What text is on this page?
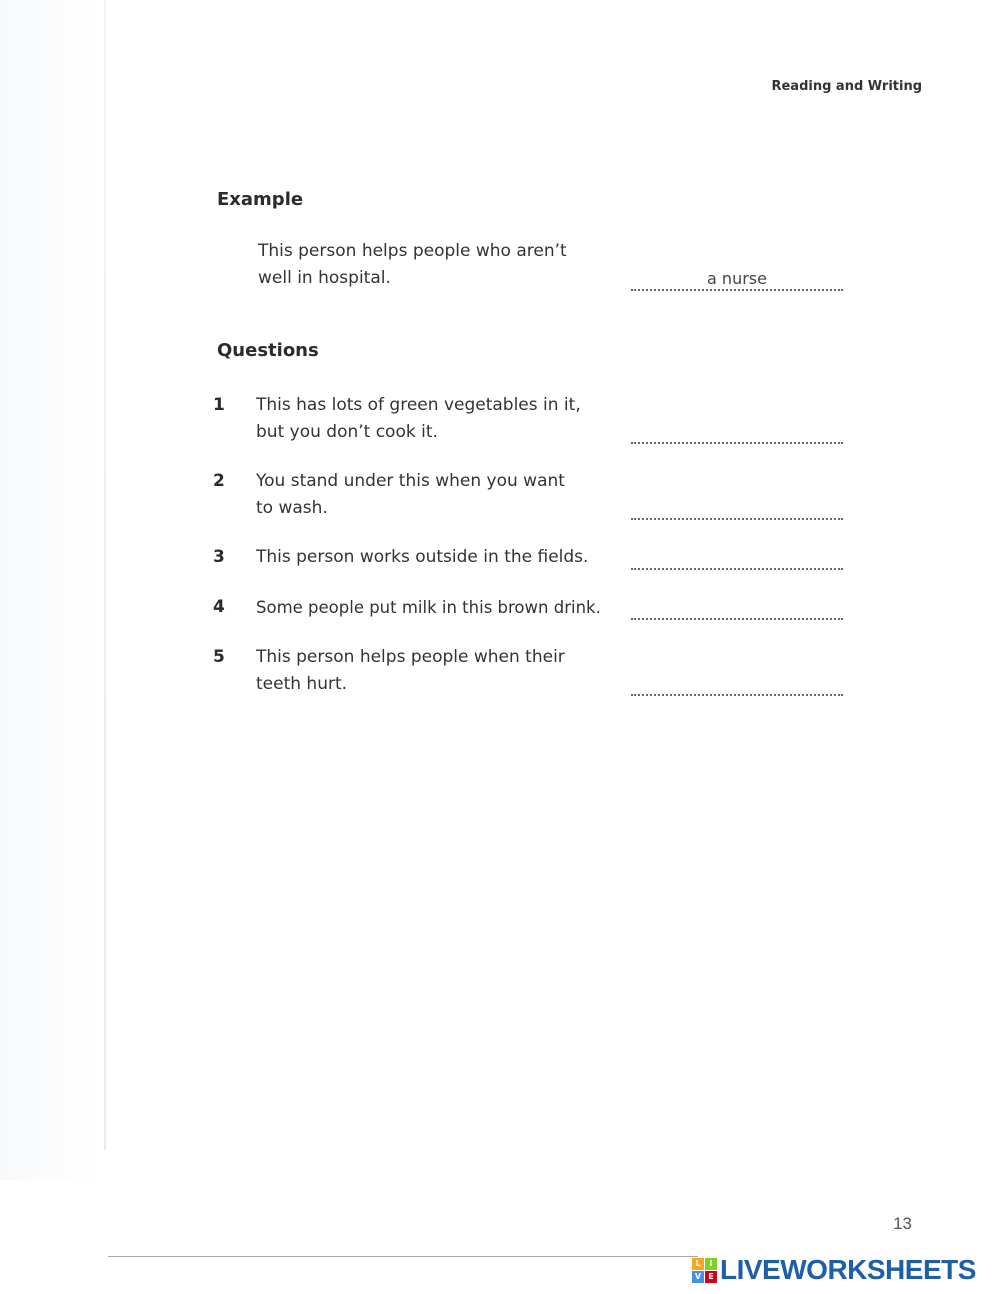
Reading and Writing
Example
This person helps people who aren’t
well in hospital.	a nurse
Questions
1	This has lots of green vegetables in it,
but you don’t cook it.
2	You stand under this when you want
to wash.
3	This person works outside in the fields.
4	Some people put milk in this brown drink.
5	This person helps people when their
teeth hurt.
13
L	I
V E LIVEWORKSHEETS
